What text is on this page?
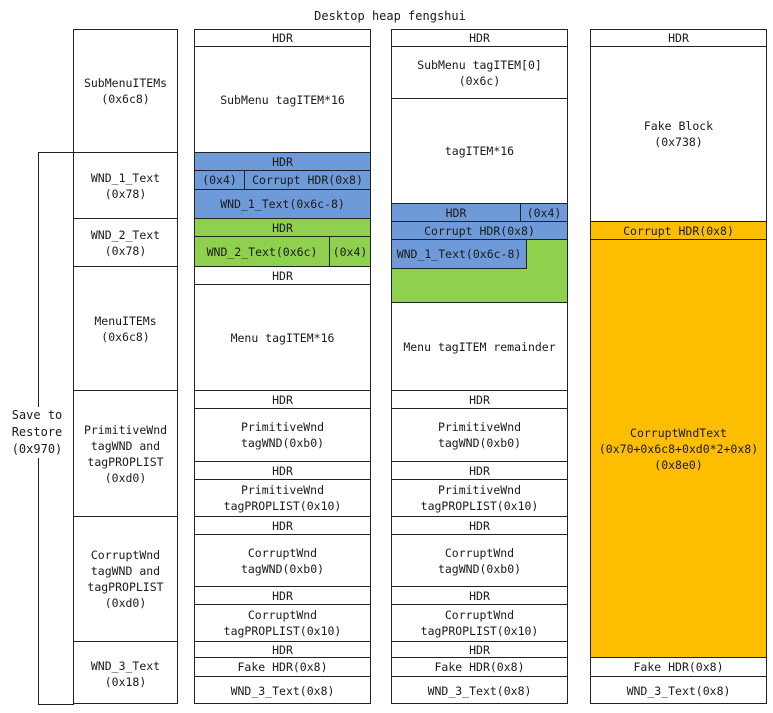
Desktop heap fengshui
Save to
Restore
(0x970)
SubMenuITEMs
(0x6c8)
WND_1_Text
(0x78)
WND_2_Text
(0x78)
MenuITEMs
(0x6c8)
PrimitiveWnd
tagWND and
tagPROPLIST
(0xd0)
CorruptWnd
tagWND and
tagPROPLIST
(0xd0)
WND_3_Text
(0x18)
HDR
SubMenu tagITEM*16
HDR
(0x4)	Corrupt HDR(0x8)
WND_1_Text(0x6c-8)
HDR
WND_2_Text(0x6c)	(0x4)
HDR
Menu tagITEM*16
HDR
PrimitiveWnd
tagWND(0xb0)
HDR
PrimitiveWnd
tagPROPLIST(0x10)
HDR
CorruptWnd
tagWND(0xb0)
HDR
CorruptWnd
tagPROPLIST(0x10)
HDR
Fake HDR(0x8)
WND_3_Text(0x8)
HDR
SubMenu tagITEM[0]
(0x6c)
tagITEM*16
HDR	(0x4)
Corrupt HDR(0x8)
WND_1_Text(0x6c-8)
Menu tagITEM remainder
HDR
PrimitiveWnd
tagWND(0xb0)
HDR
PrimitiveWnd
tagPROPLIST(0x10)
HDR
CorruptWnd
tagWND(0xb0)
HDR
CorruptWnd
tagPROPLIST(0x10)
HDR
Fake HDR(0x8)
WND_3_Text(0x8)
HDR
Fake Block
(0x738)
Corrupt HDR(0x8)
CorruptWndText
(0x70+0x6c8+0xd0*2+0x8)
(0x8e0)
Fake HDR(0x8)
WND_3_Text(0x8)
